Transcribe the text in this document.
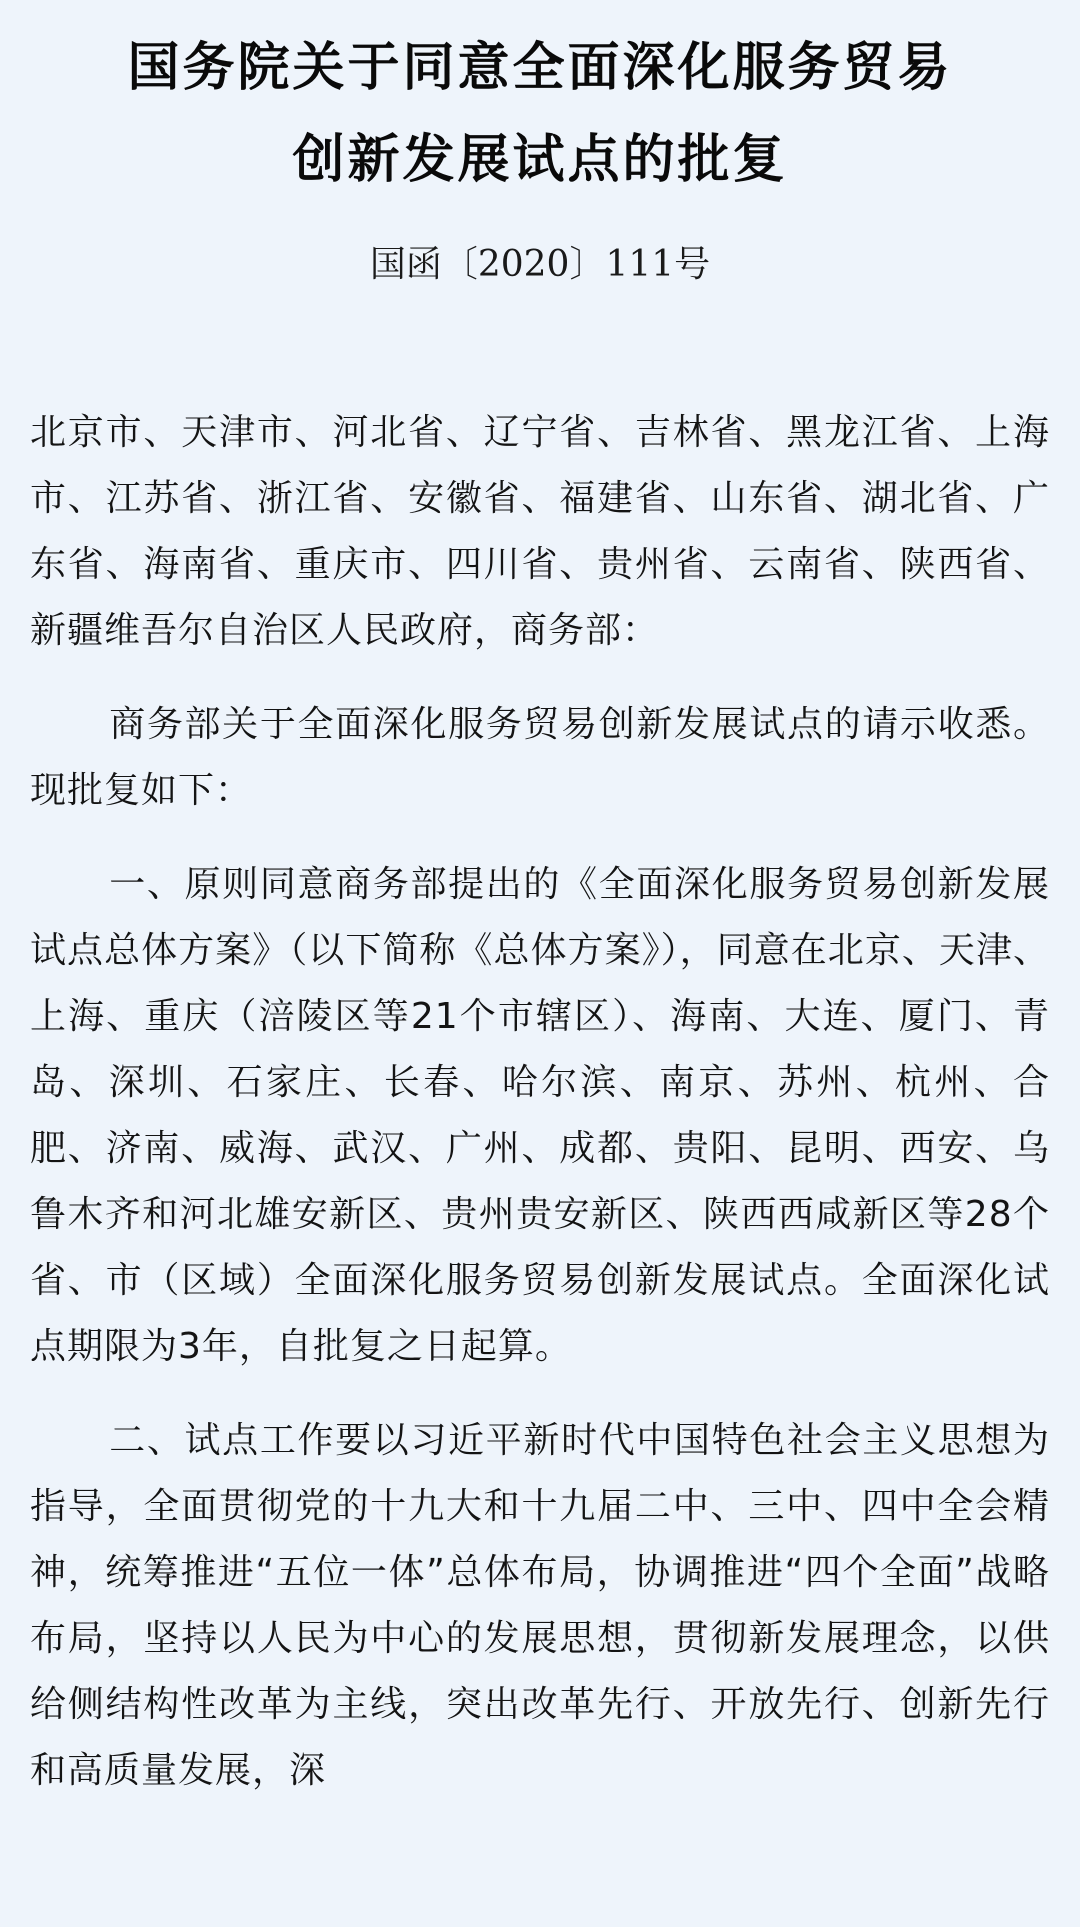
国务院关于同意全面深化服务贸易
创新发展试点的批复
国函〔2020〕111号

北京市、天津市、河北省、辽宁省、吉林省、黑龙江省、上海市、江苏省、浙江省、安徽省、福建省、山东省、湖北省、广东省、海南省、重庆市、四川省、贵州省、云南省、陕西省、新疆维吾尔自治区人民政府，商务部：

商务部关于全面深化服务贸易创新发展试点的请示收悉。现批复如下：

一、原则同意商务部提出的《全面深化服务贸易创新发展试点总体方案》（以下简称《总体方案》），同意在北京、天津、上海、重庆（涪陵区等21个市辖区）、海南、大连、厦门、青岛、深圳、石家庄、长春、哈尔滨、南京、苏州、杭州、合肥、济南、威海、武汉、广州、成都、贵阳、昆明、西安、乌鲁木齐和河北雄安新区、贵州贵安新区、陕西西咸新区等28个省、市（区域）全面深化服务贸易创新发展试点。全面深化试点期限为3年，自批复之日起算。

二、试点工作要以习近平新时代中国特色社会主义思想为指导，全面贯彻党的十九大和十九届二中、三中、四中全会精神，统筹推进“五位一体”总体布局，协调推进“四个全面”战略布局，坚持以人民为中心的发展思想，贯彻新发展理念，以供给侧结构性改革为主线，突出改革先行、开放先行、创新先行和高质量发展，深
